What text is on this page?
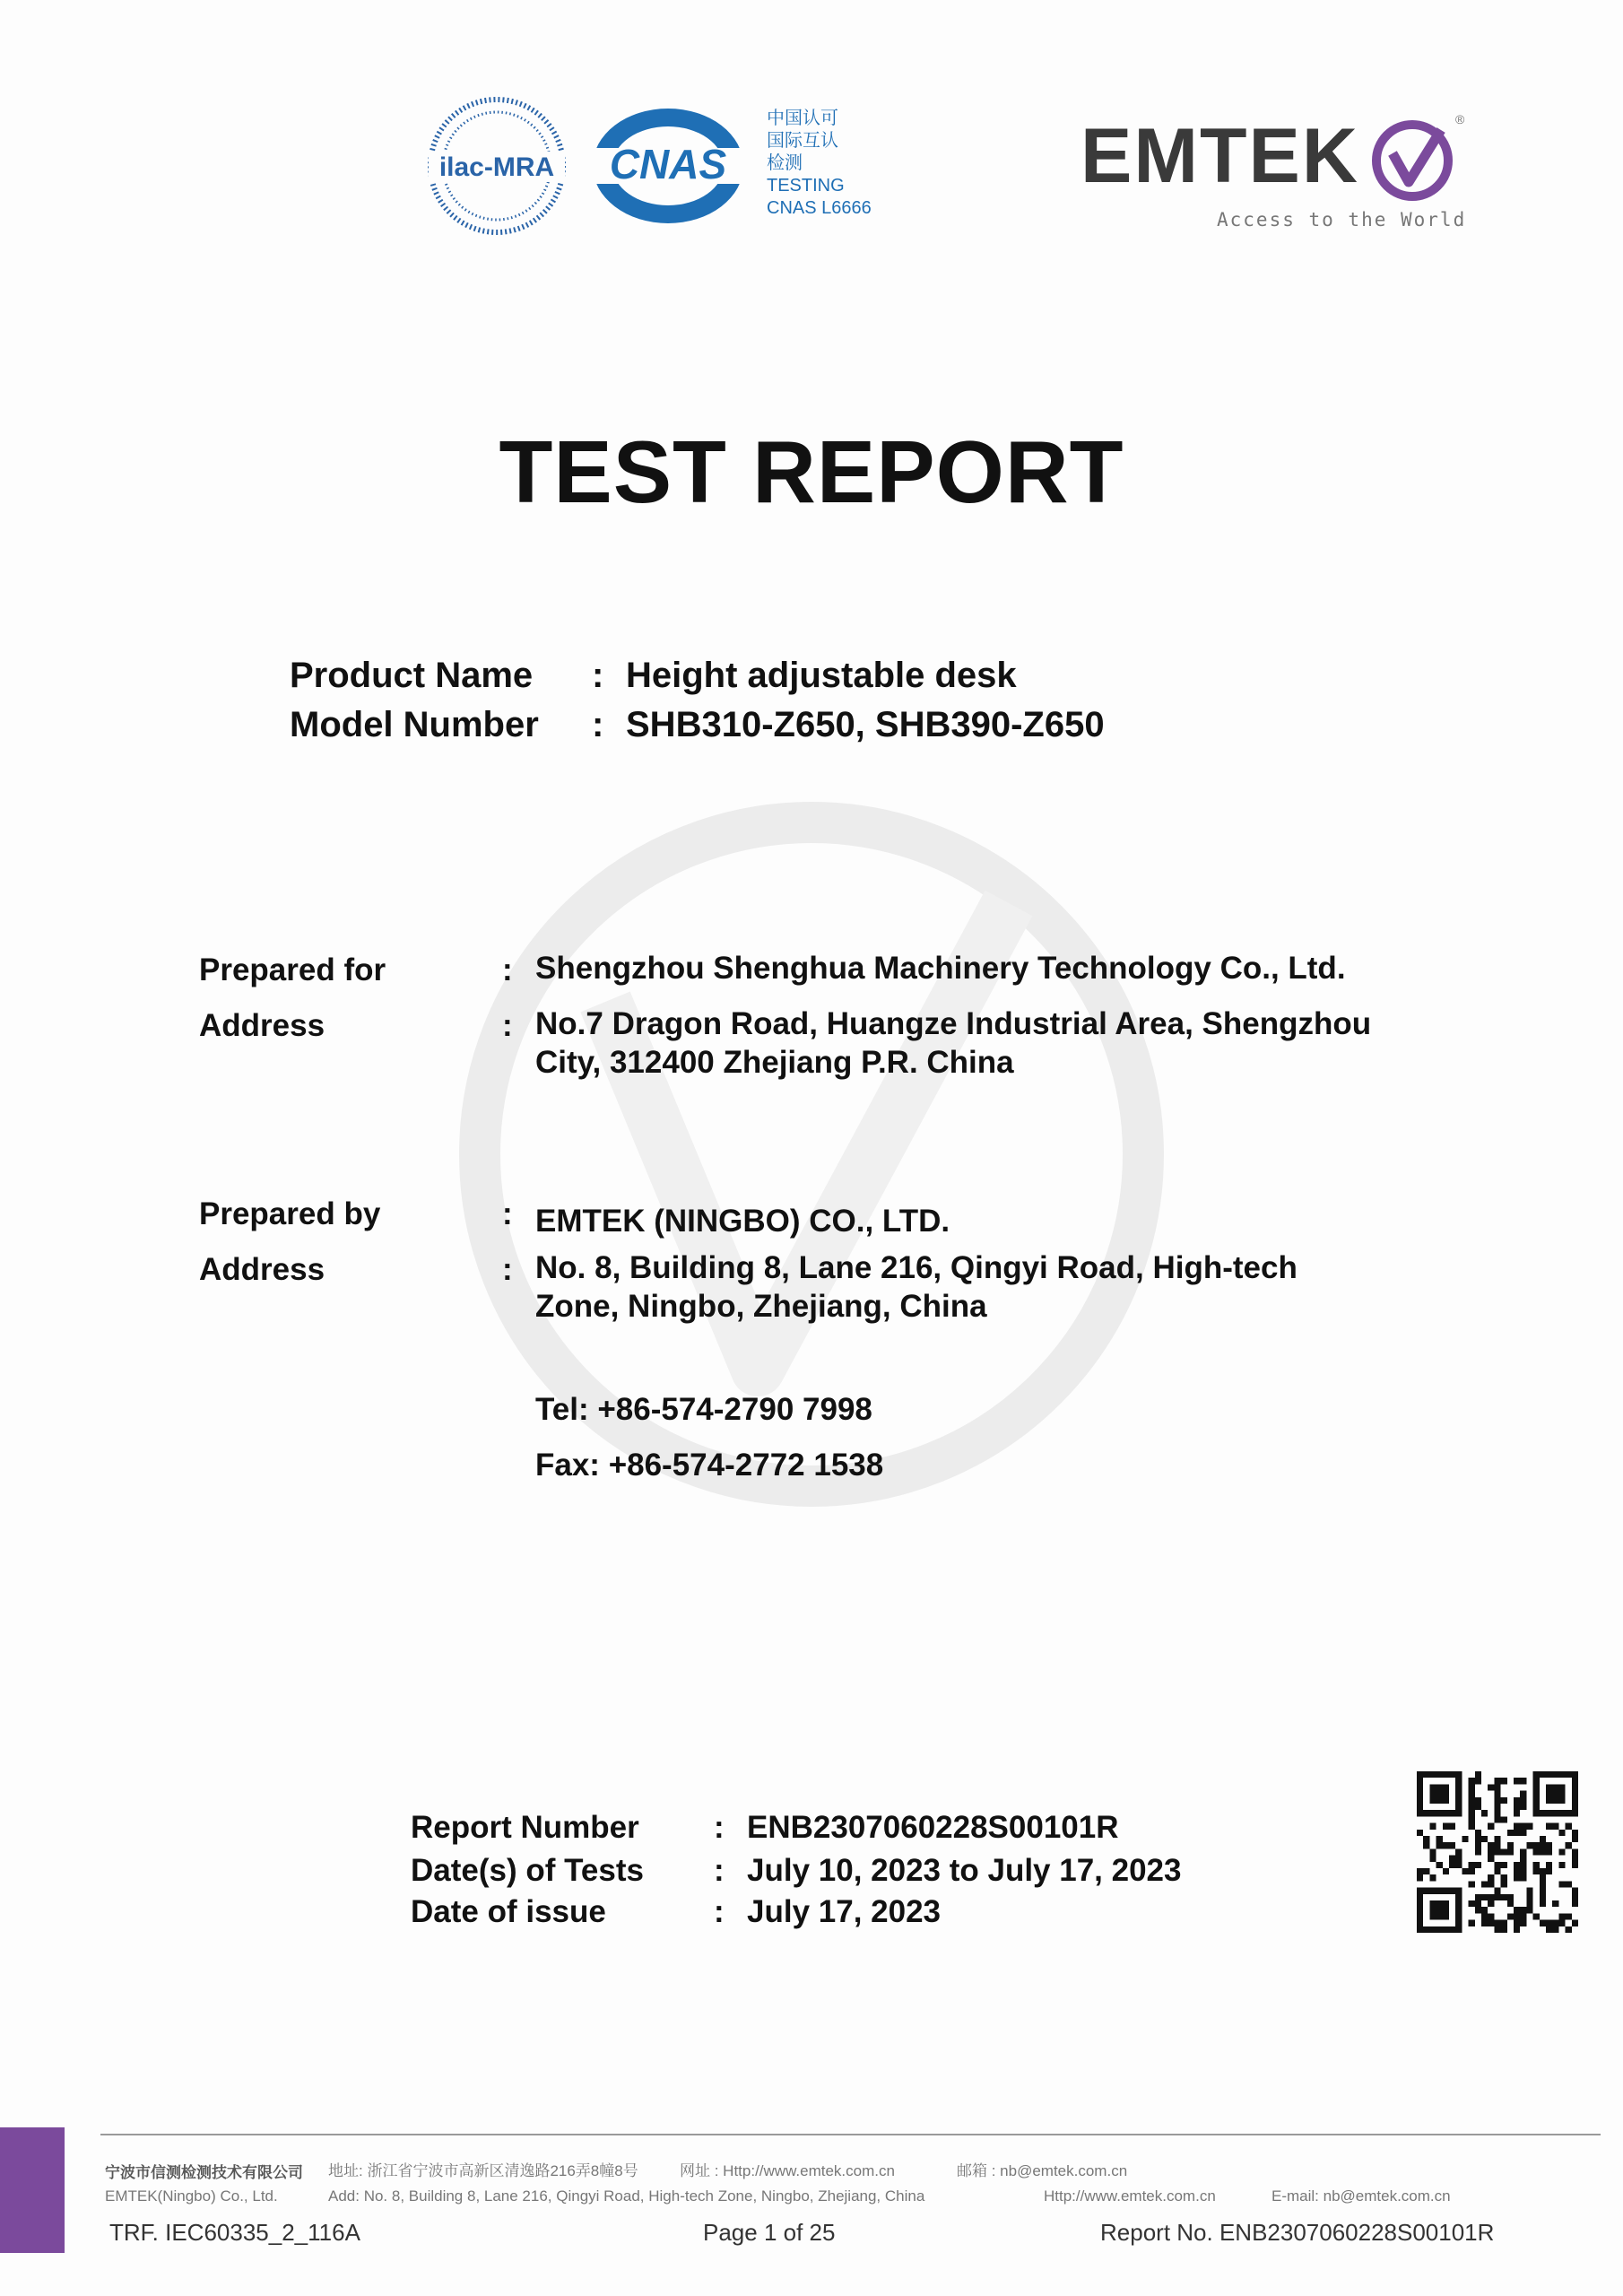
ilac-MRA CNAS
中国认可
国际互认
检测
TESTING
CNAS L6666
EMTEK	®
Access to the World
TEST REPORT
Product Name : Height adjustable desk
Model Number : SHB310-Z650, SHB390-Z650
Prepared for	: Shengzhou Shenghua Machinery Technology Co., Ltd.
Address	: No.7 Dragon Road, Huangze Industrial Area, Shengzhou
City, 312400 Zhejiang P.R. China
Prepared by	: EMTEK (NINGBO) CO., LTD.
Address	: No. 8, Building 8, Lane 216, Qingyi Road, High-tech
Zone, Ningbo, Zhejiang, China
Tel: +86-574-2790 7998
Fax: +86-574-2772 1538
Report Number : ENB2307060228S00101R
Date(s) of Tests : July 10, 2023 to July 17, 2023
Date of issue	: July 17, 2023
宁波市信测检测技术有限公司 地址: 浙江省宁波市高新区清逸路216弄8幢8号	网址 : Http://www.emtek.com.cn	邮箱 : nb@emtek.com.cn
EMTEK(Ningbo) Co., Ltd.	Add: No. 8, Building 8, Lane 216, Qingyi Road, High-tech Zone, Ningbo, Zhejiang, China	Http://www.emtek.com.cn	E-mail: nb@emtek.com.cn
TRF. IEC60335_2_116A	Page 1 of 25	Report No. ENB2307060228S00101R
